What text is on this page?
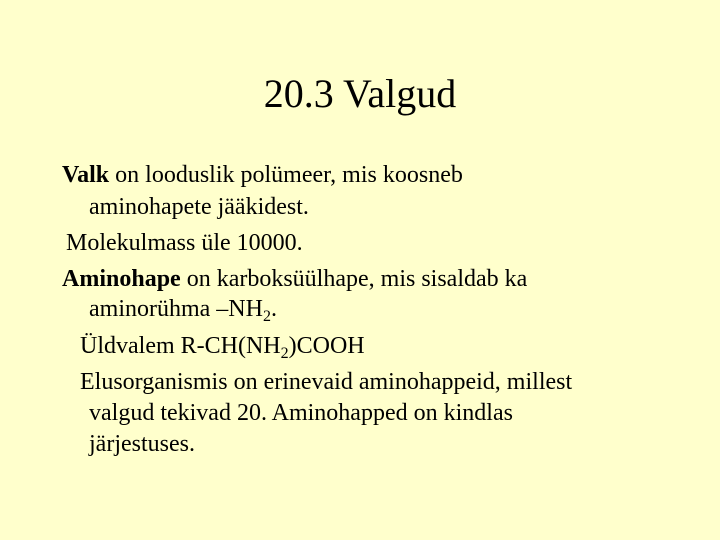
20.3 Valgud
Valk on looduslik polümeer, mis koosneb
aminohapete jääkidest.
Molekulmass üle 10000.
Aminohape on karboksüülhape, mis sisaldab ka
aminorühma $-NH_2$.
Üldvalem $R-CH(NH_2)COOH$
Elusorganismis on erinevaid aminohappeid, millest
valgud tekivad 20. Aminohapped on kindlas
järjestuses.
